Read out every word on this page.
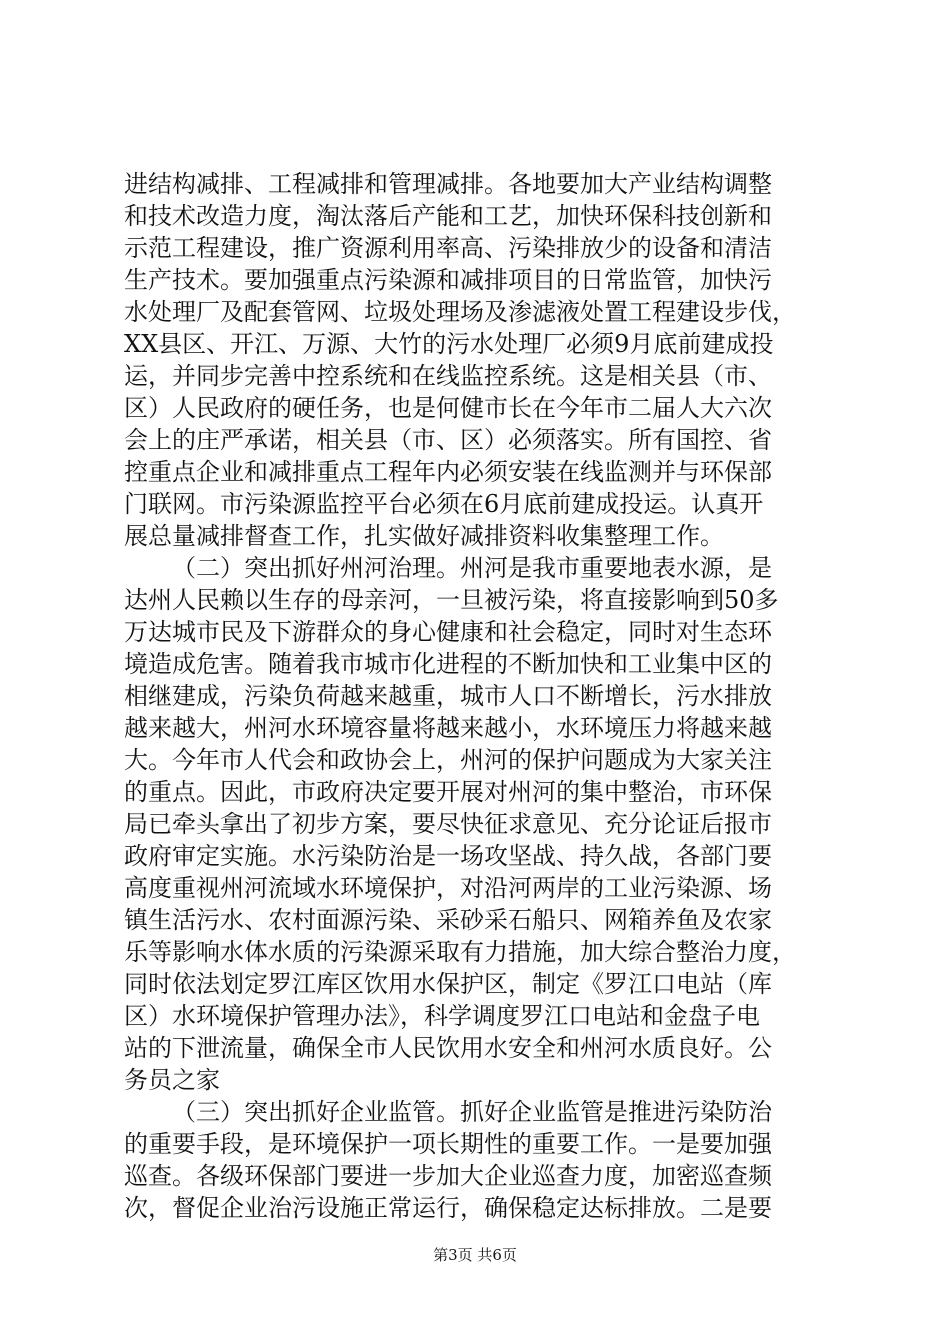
进结构减排、工程减排和管理减排。各地要加大产业结构调整
和技术改造力度，淘汰落后产能和工艺，加快环保科技创新和
示范工程建设，推广资源利用率高、污染排放少的设备和清洁
生产技术。要加强重点污染源和减排项目的日常监管，加快污
水处理厂及配套管网、垃圾处理场及渗滤液处置工程建设步伐，
XX县区、开江、万源、大竹的污水处理厂必须9月底前建成投
运，并同步完善中控系统和在线监控系统。这是相关县（市、
区）人民政府的硬任务，也是何健市长在今年市二届人大六次
会上的庄严承诺，相关县（市、区）必须落实。所有国控、省
控重点企业和减排重点工程年内必须安装在线监测并与环保部
门联网。市污染源监控平台必须在6月底前建成投运。认真开
展总量减排督查工作，扎实做好减排资料收集整理工作。
（二）突出抓好州河治理。州河是我市重要地表水源，是
达州人民赖以生存的母亲河，一旦被污染，将直接影响到50多
万达城市民及下游群众的身心健康和社会稳定，同时对生态环
境造成危害。随着我市城市化进程的不断加快和工业集中区的
相继建成，污染负荷越来越重，城市人口不断增长，污水排放
越来越大，州河水环境容量将越来越小，水环境压力将越来越
大。今年市人代会和政协会上，州河的保护问题成为大家关注
的重点。因此，市政府决定要开展对州河的集中整治，市环保
局已牵头拿出了初步方案，要尽快征求意见、充分论证后报市
政府审定实施。水污染防治是一场攻坚战、持久战，各部门要
高度重视州河流域水环境保护，对沿河两岸的工业污染源、场
镇生活污水、农村面源污染、采砂采石船只、网箱养鱼及农家
乐等影响水体水质的污染源采取有力措施，加大综合整治力度，
同时依法划定罗江库区饮用水保护区，制定《罗江口电站（库
区）水环境保护管理办法》，科学调度罗江口电站和金盘子电
站的下泄流量，确保全市人民饮用水安全和州河水质良好。公
务员之家
（三）突出抓好企业监管。抓好企业监管是推进污染防治
的重要手段，是环境保护一项长期性的重要工作。一是要加强
巡查。各级环保部门要进一步加大企业巡查力度，加密巡查频
次，督促企业治污设施正常运行，确保稳定达标排放。二是要
第3页 共6页
